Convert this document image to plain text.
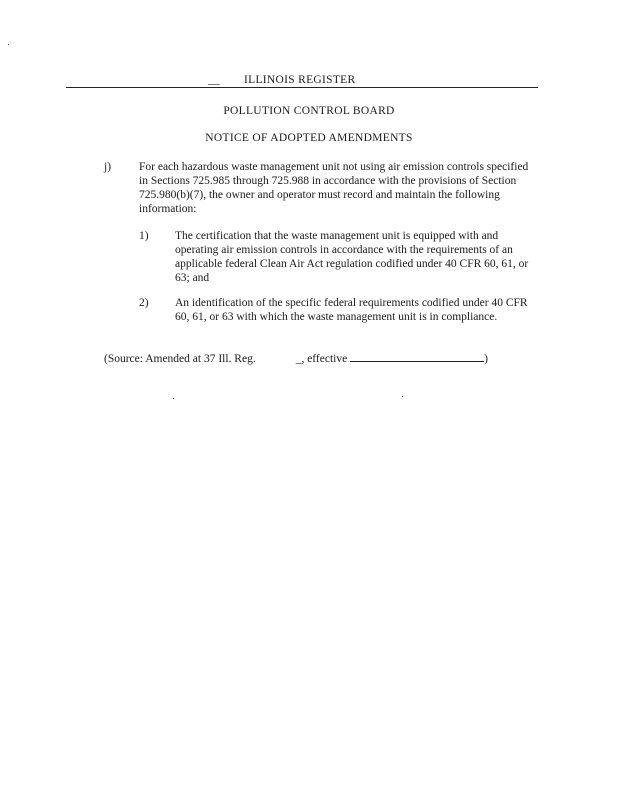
__ ILLINOIS REGISTER
POLLUTION CONTROL BOARD
NOTICE OF ADOPTED AMENDMENTS
j) For each hazardous waste management unit not using air emission controls specified in Sections 725.985 through 725.988 in accordance with the provisions of Section 725.980(b)(7), the owner and operator must record and maintain the following information:
1) The certification that the waste management unit is equipped with and operating air emission controls in accordance with the requirements of an applicable federal Clean Air Act regulation codified under 40 CFR 60, 61, or 63; and
2) An identification of the specific federal requirements codified under 40 CFR 60, 61, or 63 with which the waste management unit is in compliance.
(Source: Amended at 37 Ill. Reg.	_, effective	)
